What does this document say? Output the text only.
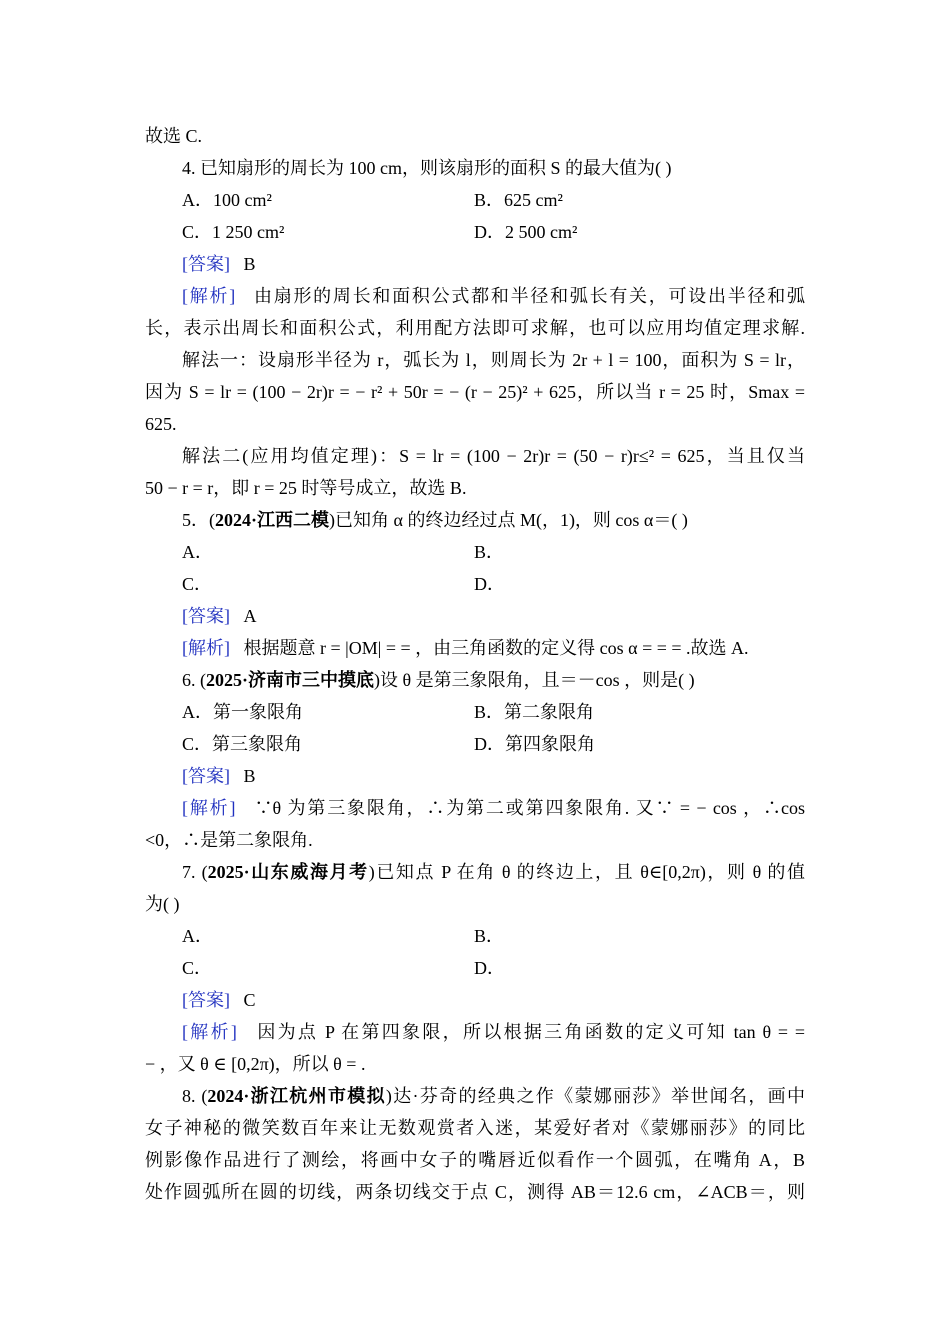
故选 C.
4. 已知扇形的周长为 100 cm，则该扇形的面积 S 的最大值为( )
A．100 cm²	B．625 cm²
C．1 250 cm²	D．2 500 cm²
[答案] B
[解析] 由扇形的周长和面积公式都和半径和弧长有关，可设出半径和弧
长，表示出周长和面积公式，利用配方法即可求解，也可以应用均值定理求解.
解法一：设扇形半径为 r，弧长为 l，则周长为 2r + l = 100，面积为 S = lr，
因为 S = lr = (100 − 2r)r = − r² + 50r = − (r − 25)² + 625，所以当 r = 25 时，Smax =
625.
解法二(应用均值定理)：S = lr = (100 − 2r)r = (50 − r)r≤² = 625，当且仅当
50 − r = r，即 r = 25 时等号成立，故选 B.
5．(2024·江西二模)已知角 α 的终边经过点 M(，1)，则 cos α＝( )
A．	B．
C．	D．
[答案] A
[解析] 根据题意 r = |OM| = = ，由三角函数的定义得 cos α = = = .故选 A.
6. (2025·济南市三中摸底)设 θ 是第三象限角，且＝－cos ，则是( )
A．第一象限角	B．第二象限角
C．第三象限角	D．第四象限角
[答案] B
[解析] ∵θ 为第三象限角，∴为第二或第四象限角. 又∵ = − cos ，∴cos
<0，∴是第二象限角.
7. (2025·山东威海月考)已知点 P 在角 θ 的终边上，且 θ∈[0,2π)，则 θ 的值
为( )
A．	B．
C．	D．
[答案] C
[解析] 因为点 P 在第四象限，所以根据三角函数的定义可知 tan θ = =
− ，又 θ ∈ [0,2π)，所以 θ = .
8. (2024·浙江杭州市模拟)达·芬奇的经典之作《蒙娜丽莎》举世闻名，画中
女子神秘的微笑数百年来让无数观赏者入迷，某爱好者对《蒙娜丽莎》的同比
例影像作品进行了测绘，将画中女子的嘴唇近似看作一个圆弧，在嘴角 A，B
处作圆弧所在圆的切线，两条切线交于点 C，测得 AB＝12.6 cm，∠ACB＝，则
